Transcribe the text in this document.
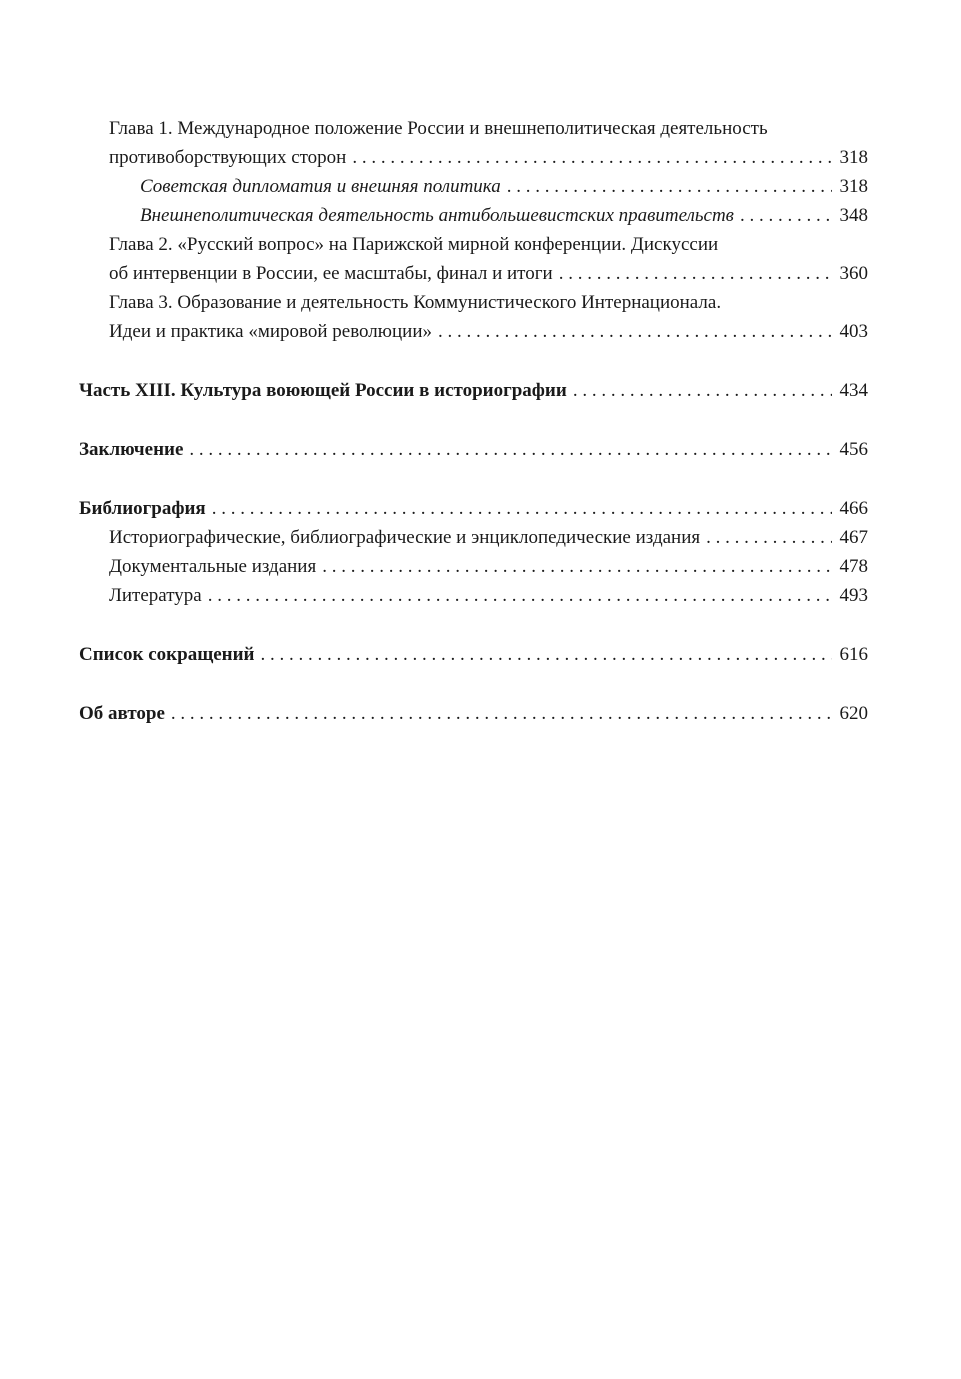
Глава 1. Международное положение России и внешнеполитическая деятельность
противоборствующих сторон . . .	318
Советская дипломатия и внешняя политика . . .	318
Внешнеполитическая деятельность антибольшевистских правительств . . .	348
Глава 2. «Русский вопрос» на Парижской мирной конференции. Дискуссии
об интервенции в России, ее масштабы, финал и итоги . . .	360
Глава 3. Образование и деятельность Коммунистического Интернационала.
Идеи и практика «мировой революции» . . .	403
Часть XIII. Культура воюющей России в историографии . . .	434
Заключение . . .	456
Библиография . . .	466
Историографические, библиографические и энциклопедические издания . . .	467
Документальные издания . . .	478
Литература . . .	493
Список сокращений . . .	616
Об авторе . . .	620
